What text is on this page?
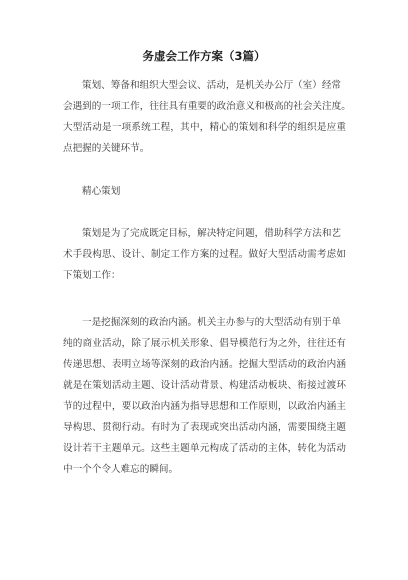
务虚会工作方案（3篇）
策划、筹备和组织大型会议、活动，是机关办公厅（室）经常
会遇到的一项工作，往往具有重要的政治意义和极高的社会关注度。
大型活动是一项系统工程，其中，精心的策划和科学的组织是应重
点把握的关键环节。
精心策划
策划是为了完成既定目标，解决特定问题，借助科学方法和艺
术手段构思、设计、制定工作方案的过程。做好大型活动需考虑如
下策划工作：
一是挖掘深刻的政治内涵。机关主办参与的大型活动有别于单
纯的商业活动，除了展示机关形象、倡导模范行为之外，往往还有
传递思想、表明立场等深刻的政治内涵。挖掘大型活动的政治内涵
就是在策划活动主题、设计活动背景、构建活动板块、衔接过渡环
节的过程中，要以政治内涵为指导思想和工作原则，以政治内涵主
导构思、贯彻行动。有时为了表现或突出活动内涵，需要围绕主题
设计若干主题单元。这些主题单元构成了活动的主体，转化为活动
中一个个令人难忘的瞬间。
